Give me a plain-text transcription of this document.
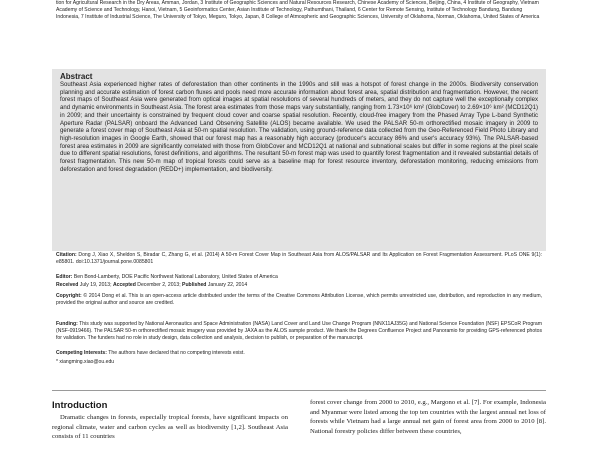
tion for Agricultural Research in the Dry Areas, Amman, Jordan, 3 Institute of Geographic Sciences and Natural Resources Research, Chinese Academy of Sciences, Beijing, China, 4 Institute of Geography, Vietnam Academy of Science and Technology, Hanoi, Vietnam, 5 Geoinformatics Center, Asian Institute of Technology, Pathumthani, Thailand, 6 Center for Remote Sensing, Institute of Technology Bandung, Bandung Indonesia, 7 Institute of Industrial Science, The University of Tokyo, Meguro, Tokyo, Japan, 8 College of Atmospheric and Geographic Sciences, University of Oklahoma, Norman, Oklahoma, United States of America
Abstract
Southeast Asia experienced higher rates of deforestation than other continents in the 1990s and still was a hotspot of forest change in the 2000s. Biodiversity conservation planning and accurate estimation of forest carbon fluxes and pools need more accurate information about forest area, spatial distribution and fragmentation. However, the recent forest maps of Southeast Asia were generated from optical images at spatial resolutions of several hundreds of meters, and they do not capture well the exceptionally complex and dynamic environments in Southeast Asia. The forest area estimates from those maps vary substantially, ranging from 1.73×10⁶ km² (GlobCover) to 2.69×10⁶ km² (MCD12Q1) in 2009; and their uncertainty is constrained by frequent cloud cover and coarse spatial resolution. Recently, cloud-free imagery from the Phased Array Type L-band Synthetic Aperture Radar (PALSAR) onboard the Advanced Land Observing Satellite (ALOS) became available. We used the PALSAR 50-m orthorectified mosaic imagery in 2009 to generate a forest cover map of Southeast Asia at 50-m spatial resolution. The validation, using ground-reference data collected from the Geo-Referenced Field Photo Library and high-resolution images in Google Earth, showed that our forest map has a reasonably high accuracy (producer's accuracy 86% and user's accuracy 93%). The PALSAR-based forest area estimates in 2009 are significantly correlated with those from GlobCover and MCD12Q1 at national and subnational scales but differ in some regions at the pixel scale due to different spatial resolutions, forest definitions, and algorithms. The resultant 50-m forest map was used to quantify forest fragmentation and it revealed substantial details of forest fragmentation. This new 50-m map of tropical forests could serve as a baseline map for forest resource inventory, deforestation monitoring, reducing emissions from deforestation and forest degradation (REDD+) implementation, and biodiversity.
Citation: Dong J, Xiao X, Sheldon S, Biradar C, Zhang G, et al. (2014) A 50-m Forest Cover Map in Southeast Asia from ALOS/PALSAR and Its Application on Forest Fragmentation Assessment. PLoS ONE 9(1): e85801. doi:10.1371/journal.pone.0085801
Editor: Ben Bond-Lamberty, DOE Pacific Northwest National Laboratory, United States of America
Received July 19, 2013; Accepted December 2, 2013; Published January 22, 2014
Copyright: © 2014 Dong et al. This is an open-access article distributed under the terms of the Creative Commons Attribution License, which permits unrestricted use, distribution, and reproduction in any medium, provided the original author and source are credited.
Funding: This study was supported by National Aeronautics and Space Administration (NASA) Land Cover and Land Use Change Program (NNX11AJ35G) and National Science Foundation (NSF) EPSCoR Program (NSF-0919466). The PALSAR 50-m orthorectified mosaic imagery was provided by JAXA as the ALOS sample product. We thank the Degrees Confluence Project and Panoramio for providing GPS-referenced photos for validation. The funders had no role in study design, data collection and analysis, decision to publish, or preparation of the manuscript.
Competing Interests: The authors have declared that no competing interests exist.
* xiangming.xiao@ou.edu
Introduction
Dramatic changes in forests, especially tropical forests, have significant impacts on regional climate, water and carbon cycles as well as biodiversity [1,2]. Southeast Asia consists of 11 countries
forest cover change from 2000 to 2010, e.g., Margono et al. [7]. For example, Indonesia and Myanmar were listed among the top ten countries with the largest annual net loss of forests while Vietnam had a large annual net gain of forest area from 2000 to 2010 [8]. National forestry policies differ between these countries,
